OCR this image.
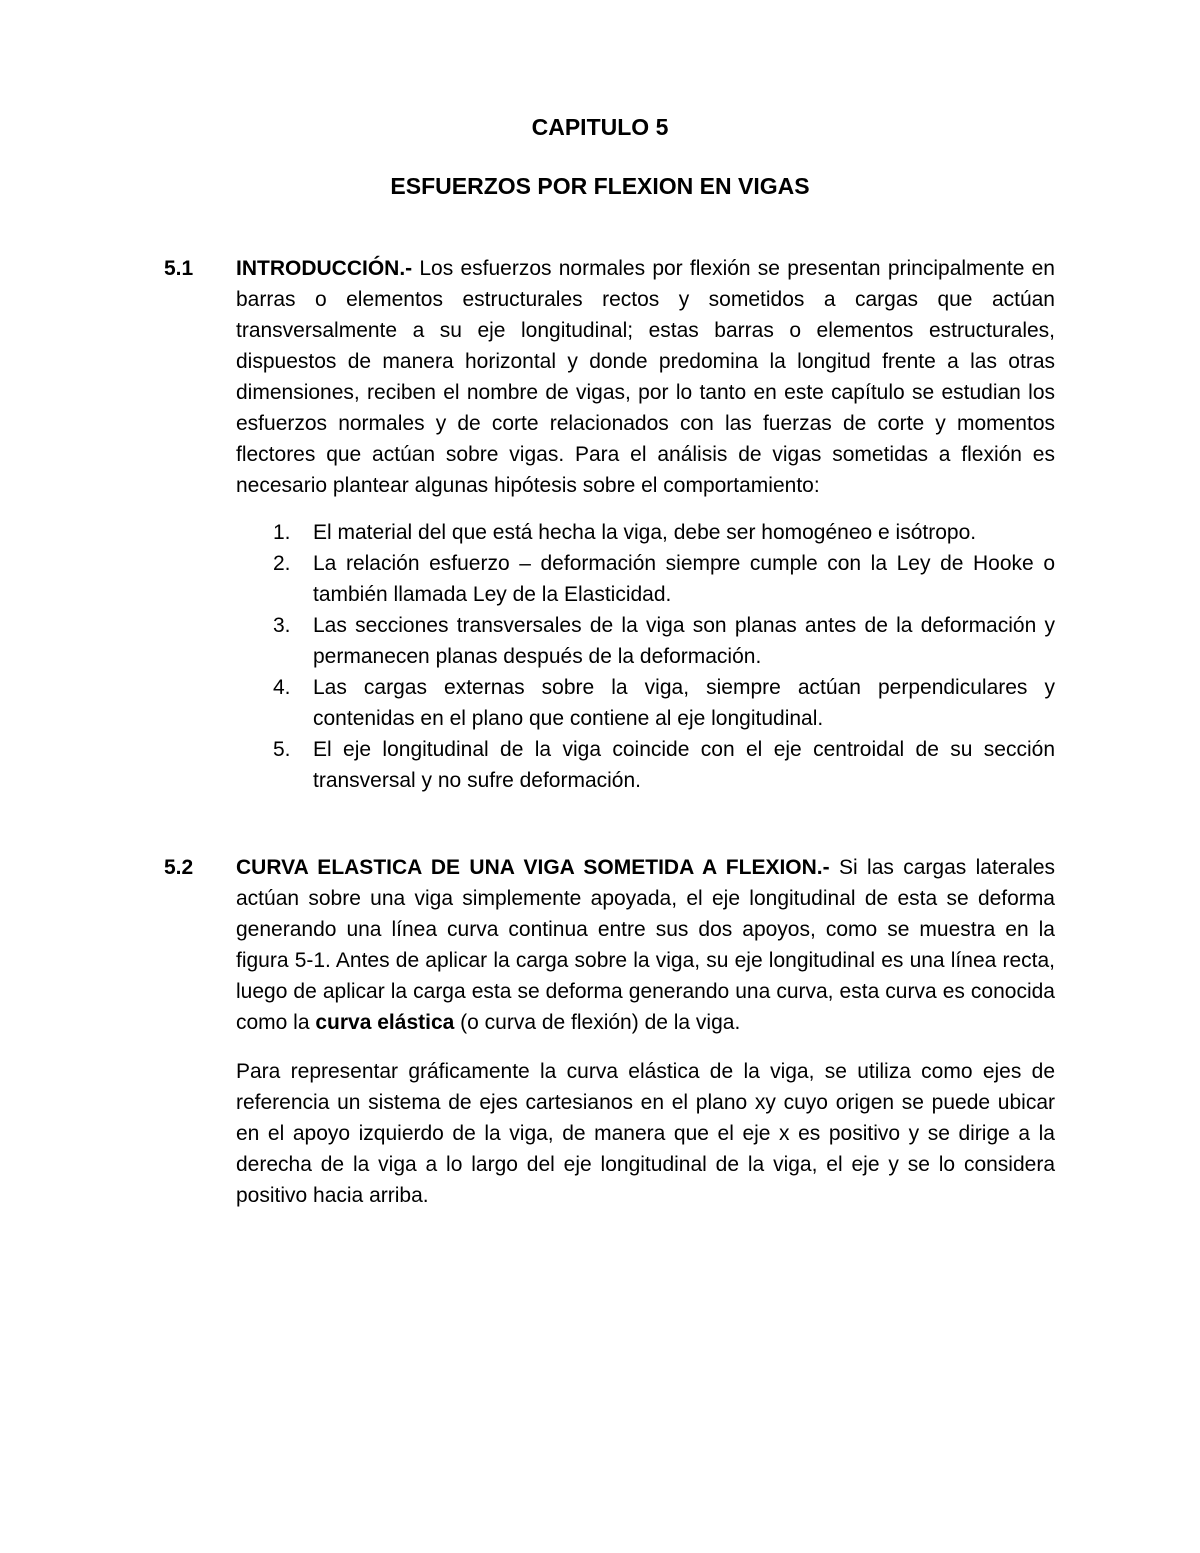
CAPITULO 5
ESFUERZOS POR FLEXION EN VIGAS
5.1 INTRODUCCIÓN.- Los esfuerzos normales por flexión se presentan principalmente en barras o elementos estructurales rectos y sometidos a cargas que actúan transversalmente a su eje longitudinal; estas barras o elementos estructurales, dispuestos de manera horizontal y donde predomina la longitud frente a las otras dimensiones, reciben el nombre de vigas, por lo tanto en este capítulo se estudian los esfuerzos normales y de corte relacionados con las fuerzas de corte y momentos flectores que actúan sobre vigas. Para el análisis de vigas sometidas a flexión es necesario plantear algunas hipótesis sobre el comportamiento:

1. El material del que está hecha la viga, debe ser homogéneo e isótropo.
2. La relación esfuerzo – deformación siempre cumple con la Ley de Hooke o también llamada Ley de la Elasticidad.
3. Las secciones transversales de la viga son planas antes de la deformación y permanecen planas después de la deformación.
4. Las cargas externas sobre la viga, siempre actúan perpendiculares y contenidas en el plano que contiene al eje longitudinal.
5. El eje longitudinal de la viga coincide con el eje centroidal de su sección transversal y no sufre deformación.
5.2 CURVA ELASTICA DE UNA VIGA SOMETIDA A FLEXION.- Si las cargas laterales actúan sobre una viga simplemente apoyada, el eje longitudinal de esta se deforma generando una línea curva continua entre sus dos apoyos, como se muestra en la figura 5-1. Antes de aplicar la carga sobre la viga, su eje longitudinal es una línea recta, luego de aplicar la carga esta se deforma generando una curva, esta curva es conocida como la curva elástica (o curva de flexión) de la viga.

Para representar gráficamente la curva elástica de la viga, se utiliza como ejes de referencia un sistema de ejes cartesianos en el plano xy cuyo origen se puede ubicar en el apoyo izquierdo de la viga, de manera que el eje x es positivo y se dirige a la derecha de la viga a lo largo del eje longitudinal de la viga, el eje y se lo considera positivo hacia arriba.
